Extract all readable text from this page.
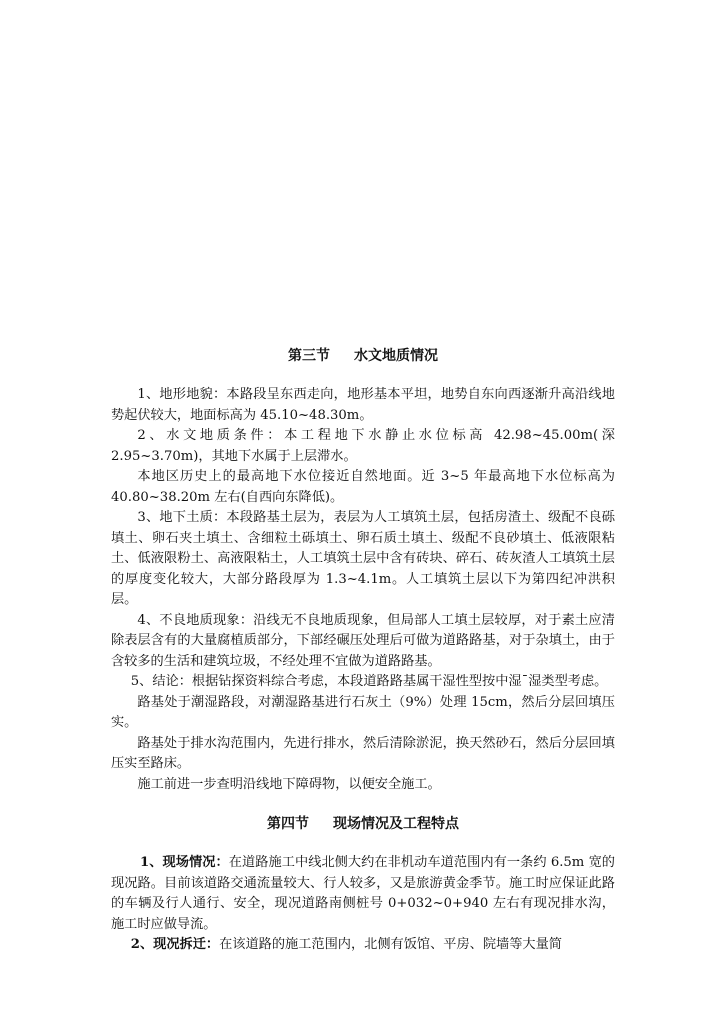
第三节 水文地质情况

1、地形地貌：本路段呈东西走向，地形基本平坦，地势自东向西逐渐升高沿线地势起伏较大，地面标高为 45.10~48.30m。

2、水文地质条件：本工程地下水静止水位标高 42.98~45.00m(深 2.95~3.70m)，其地下水属于上层滞水。

本地区历史上的最高地下水位接近自然地面。近 3~5 年最高地下水位标高为 40.80~38.20m 左右(自西向东降低)。

3、地下土质：本段路基土层为，表层为人工填筑土层，包括房渣土、级配不良砾填土、卵石夹土填土、含细粒土砾填土、卵石质土填土、级配不良砂填土、低液限粘土、低液限粉土、高液限粘土，人工填筑土层中含有砖块、碎石、砖灰渣人工填筑土层的厚度变化较大，大部分路段厚为 1.3~4.1m。人工填筑土层以下为第四纪冲洪积层。

4、不良地质现象：沿线无不良地质现象，但局部人工填土层较厚，对于素土应清除表层含有的大量腐植质部分，下部经碾压处理后可做为道路路基，对于杂填土，由于含较多的生活和建筑垃圾，不经处理不宜做为道路路基。

5、结论：根据钻探资料综合考虑，本段道路路基属干湿性型按中湿¯湿类型考虑。

路基处于潮湿路段，对潮湿路基进行石灰土（9%）处理 15cm，然后分层回填压实。

路基处于排水沟范围内，先进行排水，然后清除淤泥，换天然砂石，然后分层回填压实至路床。

施工前进一步查明沿线地下障碍物，以便安全施工。

第四节 现场情况及工程特点

1、现场情况：在道路施工中线北侧大约在非机动车道范围内有一条约 6.5m 宽的现况路。目前该道路交通流量较大、行人较多，又是旅游黄金季节。施工时应保证此路的车辆及行人通行、安全，现况道路南侧桩号 0+032~0+940 左右有现况排水沟，施工时应做导流。

2、现况拆迁：在该道路的施工范围内，北侧有饭馆、平房、院墙等大量简
